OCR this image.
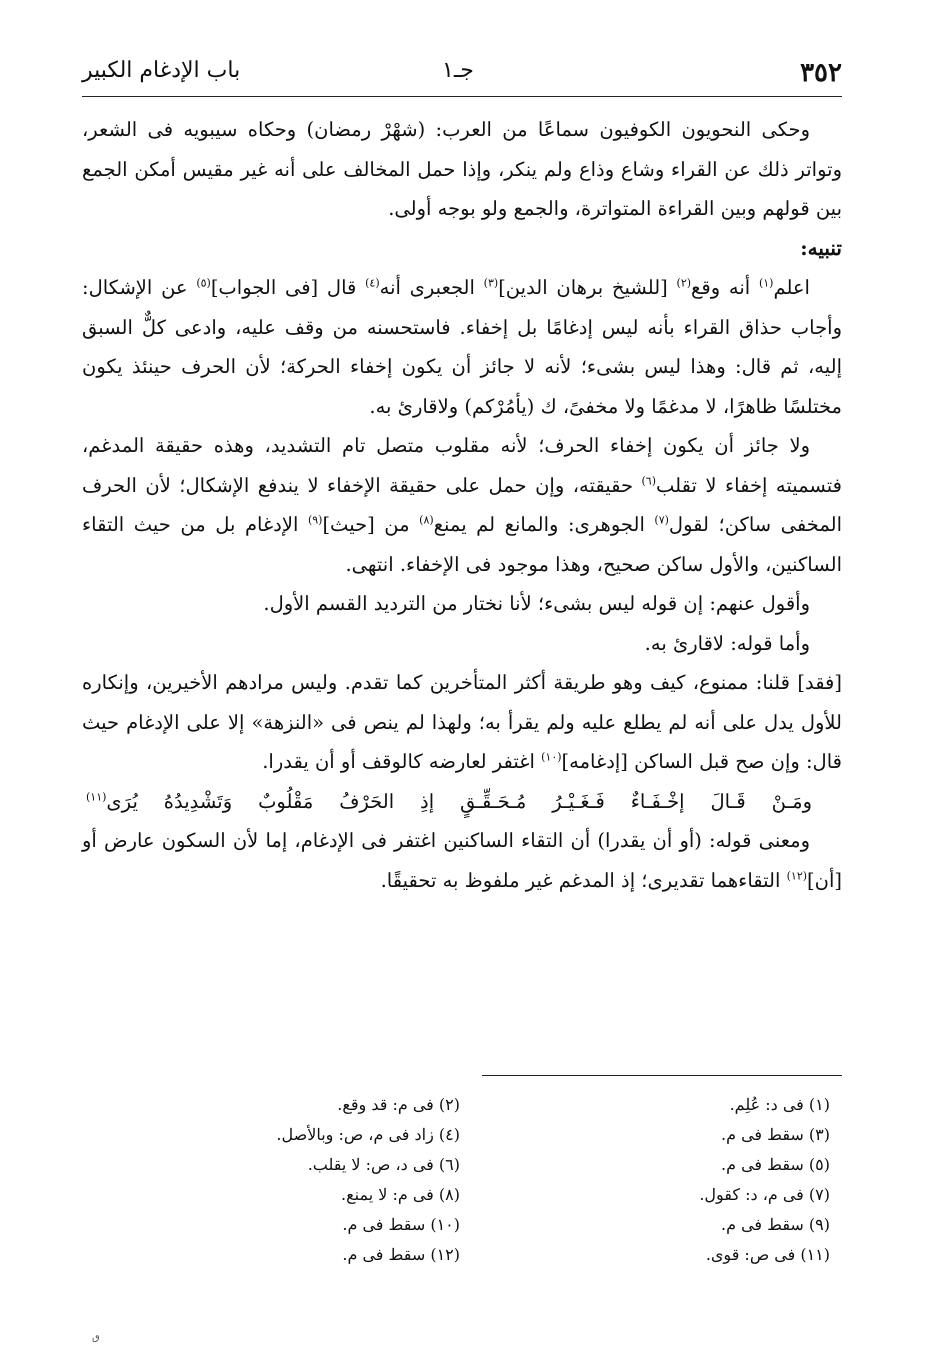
باب الإدغام الكبير	جـ١	٣٥٢

وحكى النحويون الكوفيون سماعًا من العرب: (شهْرْ رمضان) وحكاه سيبويه فى الشعر، وتواتر ذلك عن القراء وشاع وذاع ولم ينكر، وإذا حمل المخالف على أنه غير مقيس أمكن الجمع بين قولهم وبين القراءة المتواترة، والجمع ولو بوجه أولى.

تنبيه:

اعلم$^{(١)}$ أنه وقع$^{(٢)}$ [للشيخ برهان الدين]$^{(٣)}$ الجعبرى أنه$^{(٤)}$ قال [فى الجواب]$^{(٥)}$ عن الإشكال: وأجاب حذاق القراء بأنه ليس إدغامًا بل إخفاء. فاستحسنه من وقف عليه، وادعى كلٌّ السبق إليه، ثم قال: وهذا ليس بشىء؛ لأنه لا جائز أن يكون إخفاء الحركة؛ لأن الحرف حينئذ يكون مختلسًا ظاهرًا، لا مدغمًا ولا مخفىً، ك (يأمُرْكم) ولاقارئ به.

ولا جائز أن يكون إخفاء الحرف؛ لأنه مقلوب متصل تام التشديد، وهذه حقيقة المدغم، فتسميته إخفاء لا تقلب$^{(٦)}$ حقيقته، وإن حمل على حقيقة الإخفاء لا يندفع الإشكال؛ لأن الحرف المخفى ساكن؛ لقول$^{(٧)}$ الجوهرى: والمانع لم يمنع$^{(٨)}$ من [حيث]$^{(٩)}$ الإدغام بل من حيث التقاء الساكنين، والأول ساكن صحيح، وهذا موجود فى الإخفاء. انتهى.

وأقول عنهم: إن قوله ليس بشىء؛ لأنا نختار من الترديد القسم الأول.

وأما قوله: لاقارئ به.

[فقد] قلنا: ممنوع، كيف وهو طريقة أكثر المتأخرين كما تقدم. وليس مرادهم الأخيرين، وإنكاره للأول يدل على أنه لم يطلع عليه ولم يقرأ به؛ ولهذا لم ينص فى «النزهة» إلا على الإدغام حيث قال: وإن صح قبل الساكن [إدغامه]$^{(١٠)}$ اغتفر لعارضه كالوقف أو أن يقدرا.

ومَـنْ قَـالَ إخْـفَـاءٌ فَـغَـيْـرُ مُـحَـقِّـقٍ إذِ الحَرْفُ مَقْلُوبٌ وَتَشْدِيدُهُ يُرَى$^{(١١)}$

ومعنى قوله: (أو أن يقدرا) أن التقاء الساكنين اغتفر فى الإدغام، إما لأن السكون عارض أو [أن]$^{(١٢)}$ التقاءهما تقديرى؛ إذ المدغم غير ملفوظ به تحقيقًا.

(١) فى د: عُلِم.
(٣) سقط فى م.
(٥) سقط فى م.
(٧) فى م، د: كقول.
(٩) سقط فى م.
(١١) فى ص: قوى.
(٢) فى م: قد وقع.
(٤) زاد فى م، ص: وبالأصل.
(٦) فى د، ص: لا يقلب.
(٨) فى م: لا يمنع.
(١٠) سقط فى م.
(١٢) سقط فى م.
ٯ
